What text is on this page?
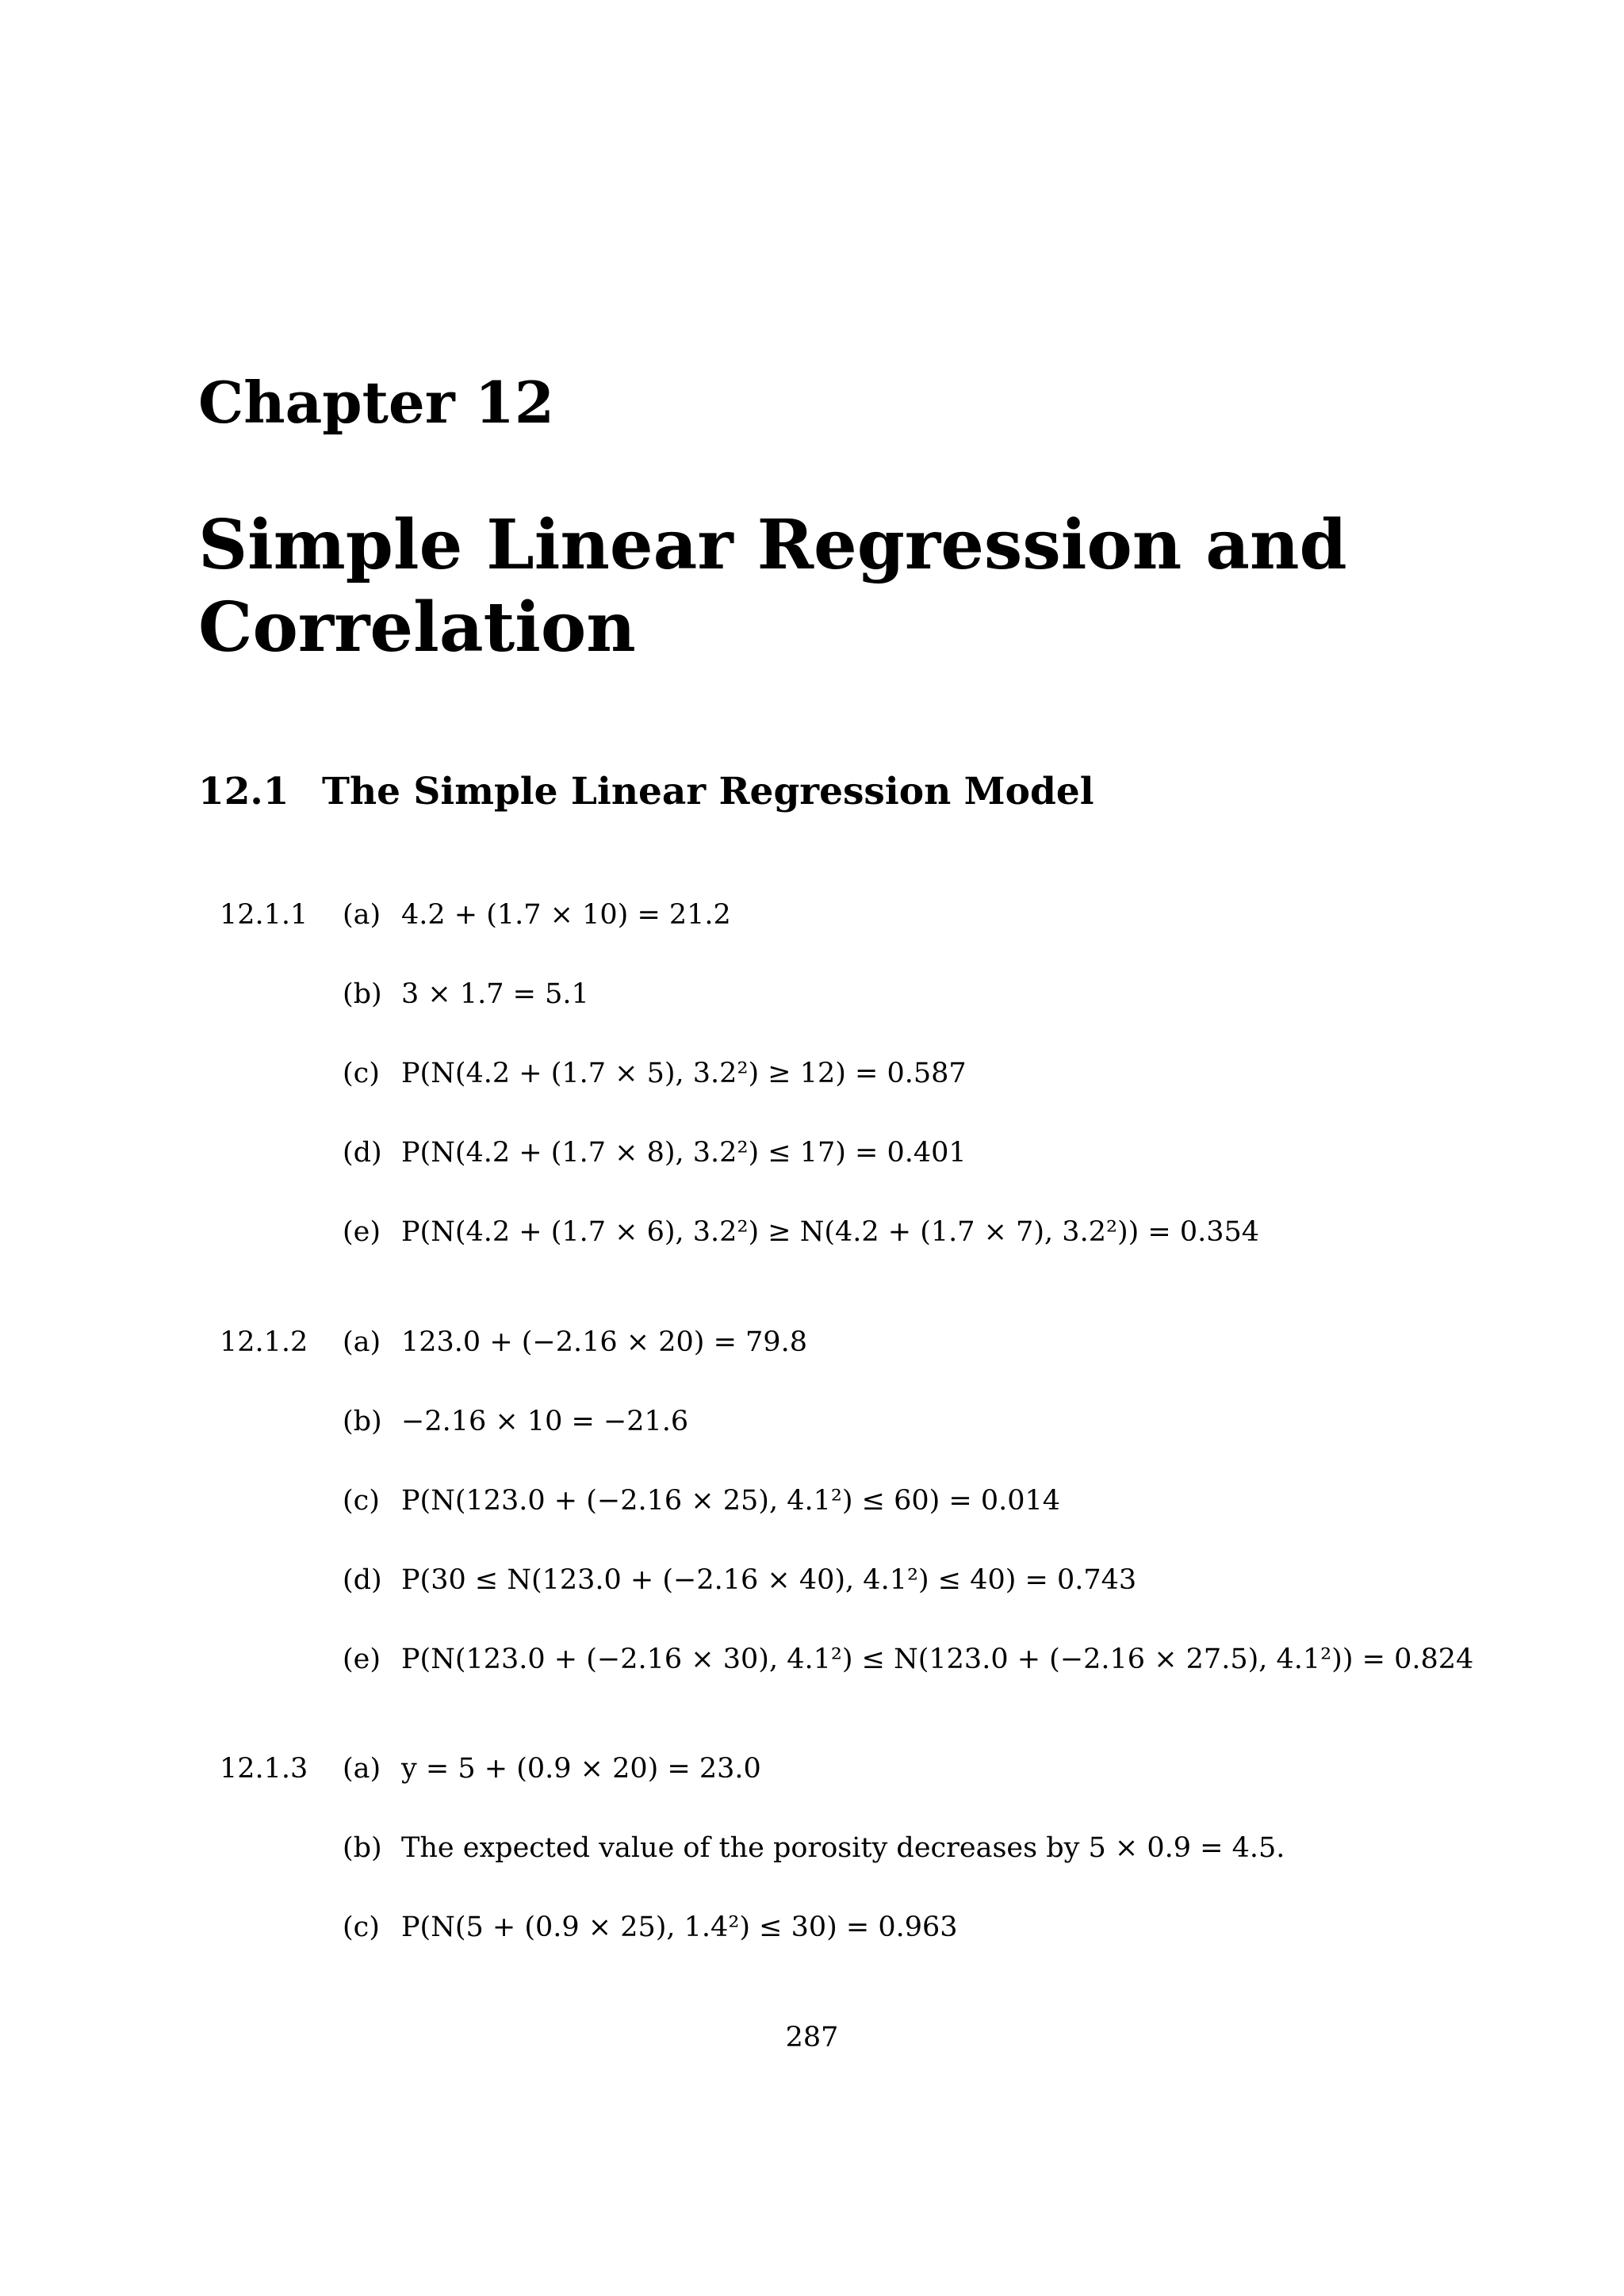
Chapter 12
Simple Linear Regression and
Correlation
12.1 The Simple Linear Regression Model
12.1.1 (a) 4.2 + (1.7 × 10) = 21.2
(b) 3 × 1.7 = 5.1
(c) P(N(4.2 + (1.7 × 5), 3.2²) ≥ 12) = 0.587
(d) P(N(4.2 + (1.7 × 8), 3.2²) ≤ 17) = 0.401
(e) P(N(4.2 + (1.7 × 6), 3.2²) ≥ N(4.2 + (1.7 × 7), 3.2²)) = 0.354
12.1.2 (a) 123.0 + (−2.16 × 20) = 79.8
(b) −2.16 × 10 = −21.6
(c) P(N(123.0 + (−2.16 × 25), 4.1²) ≤ 60) = 0.014
(d) P(30 ≤ N(123.0 + (−2.16 × 40), 4.1²) ≤ 40) = 0.743
(e) P(N(123.0 + (−2.16 × 30), 4.1²) ≤ N(123.0 + (−2.16 × 27.5), 4.1²)) = 0.824
12.1.3 (a) y = 5 + (0.9 × 20) = 23.0
(b) The expected value of the porosity decreases by 5 × 0.9 = 4.5.
(c) P(N(5 + (0.9 × 25), 1.4²) ≤ 30) = 0.963
287
